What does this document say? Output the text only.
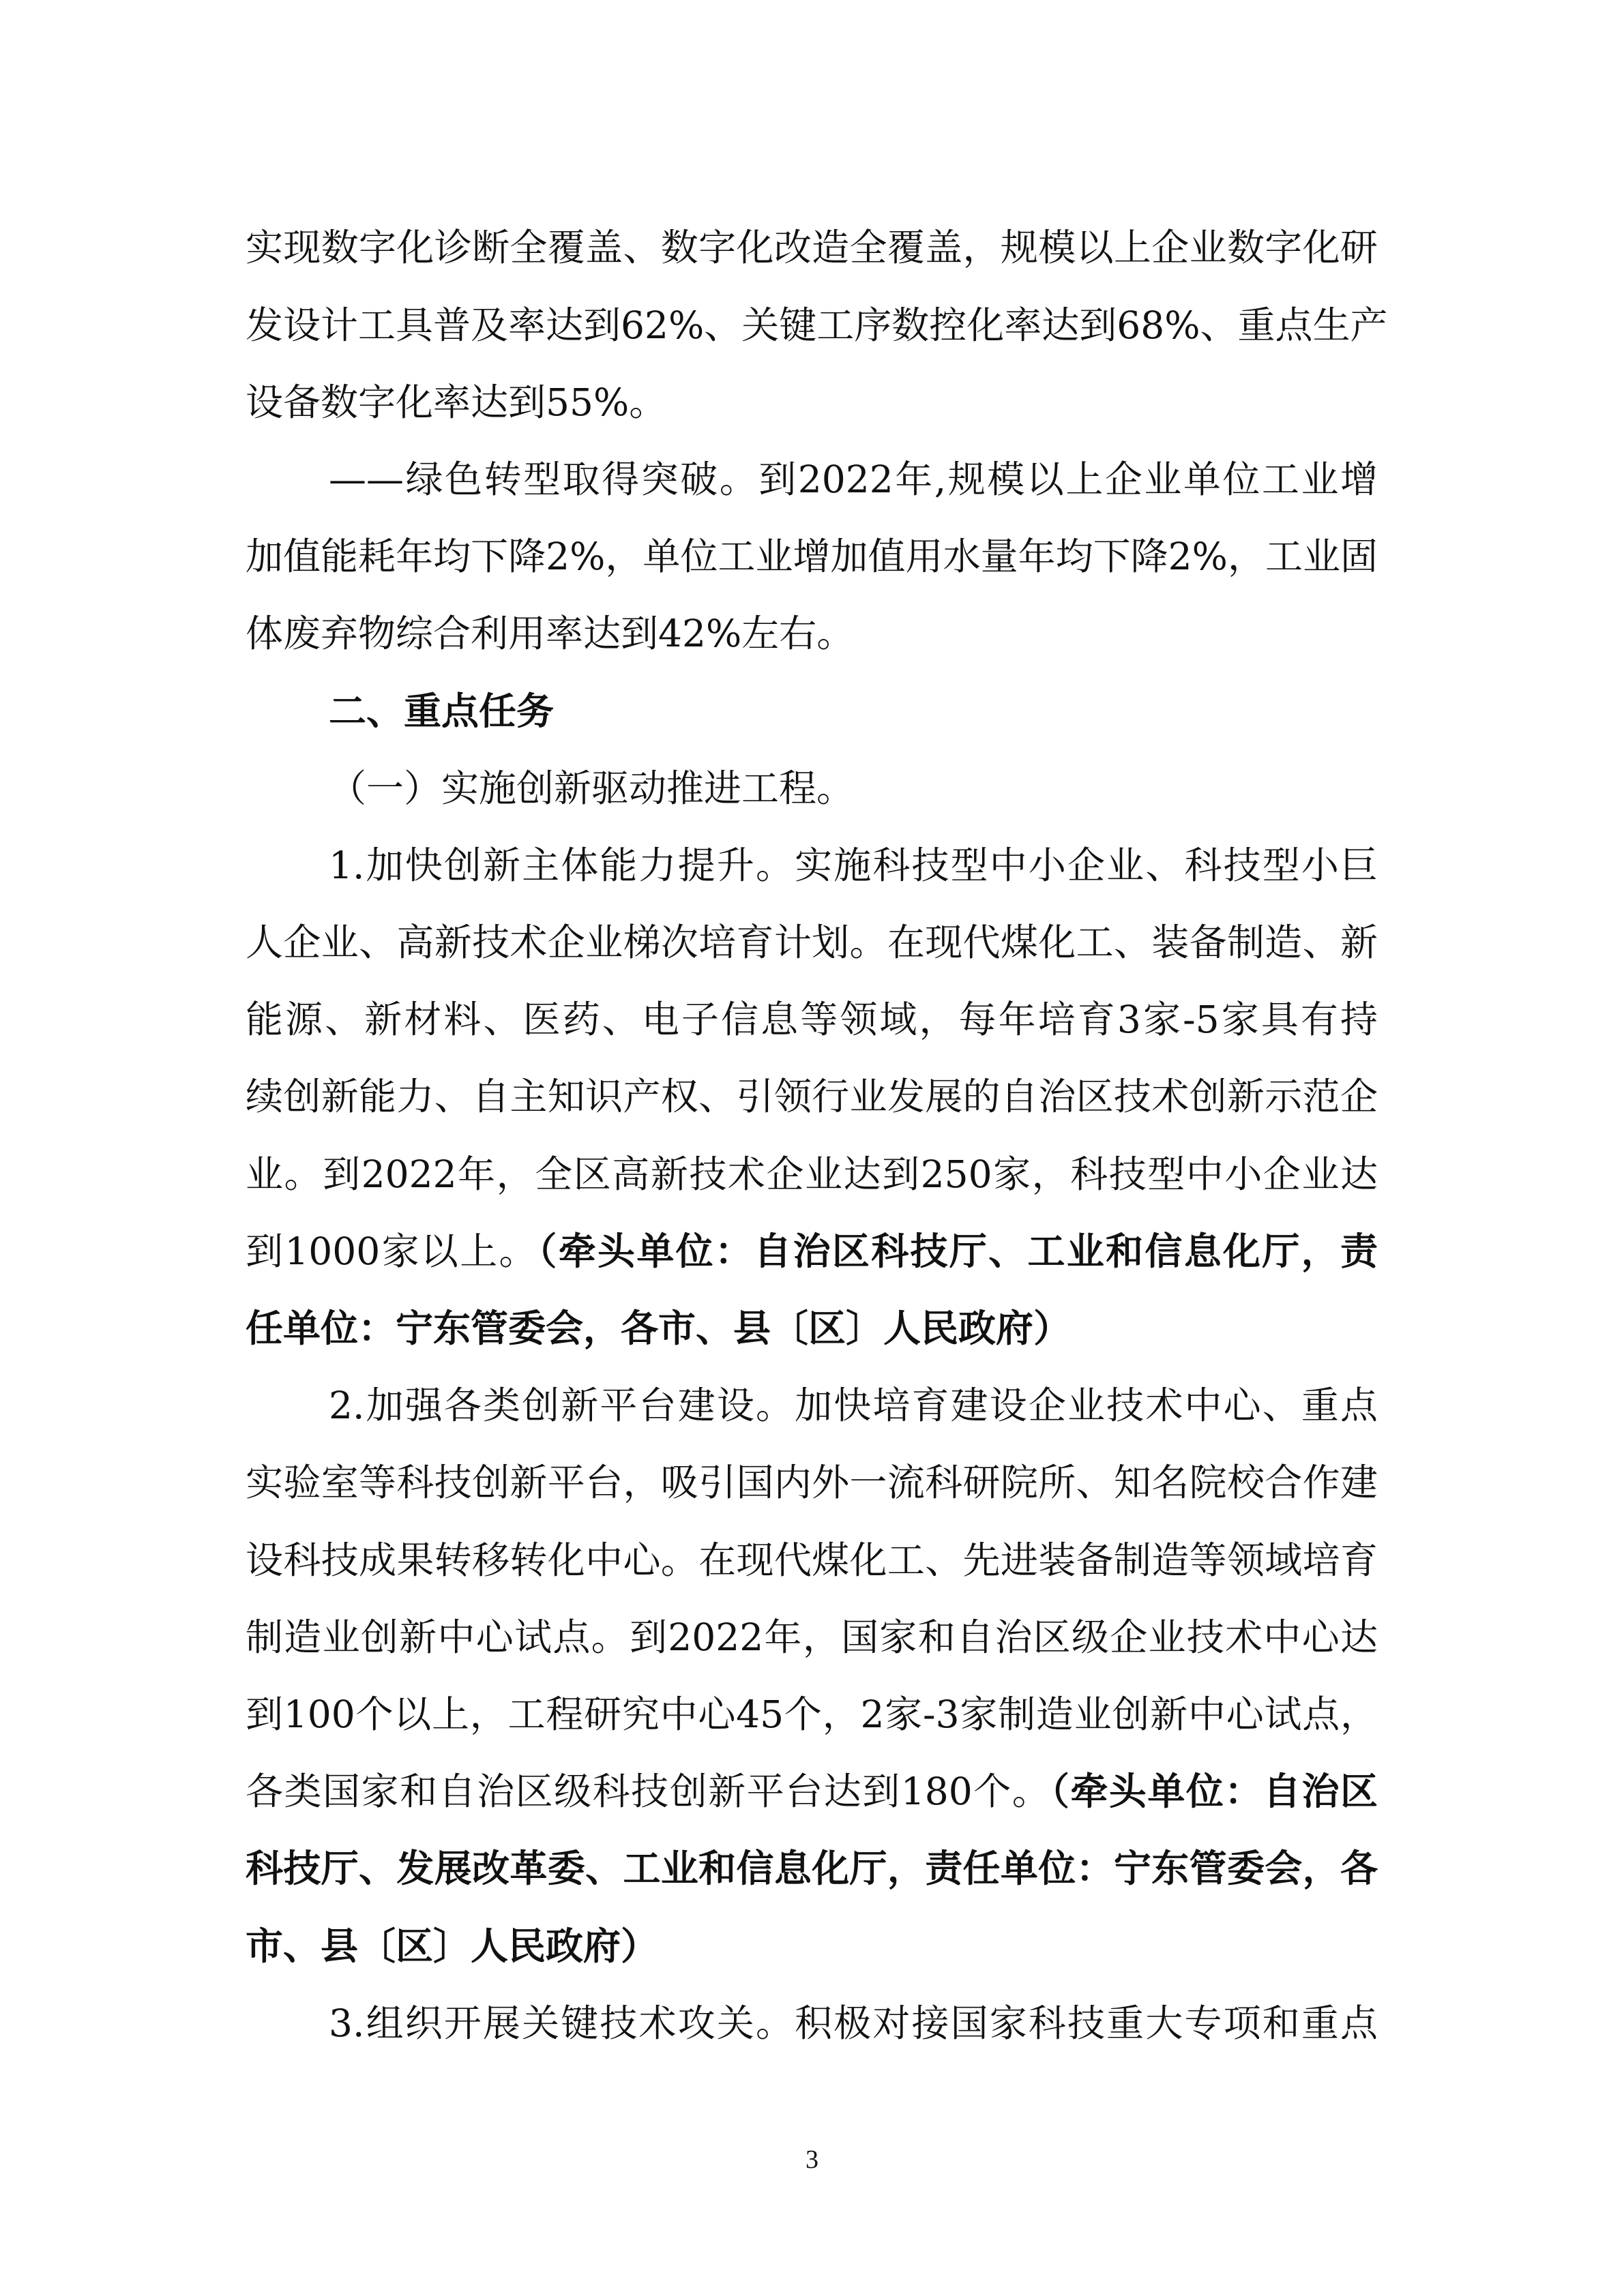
实现数字化诊断全覆盖、数字化改造全覆盖，规模以上企业数字化研
发设计工具普及率达到62%、关键工序数控化率达到68%、重点生产
设备数字化率达到55%。
——绿色转型取得突破。到2022年,规模以上企业单位工业增
加值能耗年均下降2%，单位工业增加值用水量年均下降2%，工业固
体废弃物综合利用率达到42%左右。
二、重点任务
（一）实施创新驱动推进工程。
1.加快创新主体能力提升。实施科技型中小企业、科技型小巨
人企业、高新技术企业梯次培育计划。在现代煤化工、装备制造、新
能源、新材料、医药、电子信息等领域，每年培育3家-5家具有持
续创新能力、自主知识产权、引领行业发展的自治区技术创新示范企
业。到2022年，全区高新技术企业达到250家，科技型中小企业达
到1000家以上。（牵头单位：自治区科技厅、工业和信息化厅，责
任单位：宁东管委会，各市、县〔区〕人民政府）
2.加强各类创新平台建设。加快培育建设企业技术中心、重点
实验室等科技创新平台，吸引国内外一流科研院所、知名院校合作建
设科技成果转移转化中心。在现代煤化工、先进装备制造等领域培育
制造业创新中心试点。到2022年，国家和自治区级企业技术中心达
到100个以上，工程研究中心45个，2家-3家制造业创新中心试点，
各类国家和自治区级科技创新平台达到180个。（牵头单位：自治区
科技厅、发展改革委、工业和信息化厅，责任单位：宁东管委会，各
市、县〔区〕人民政府）
3.组织开展关键技术攻关。积极对接国家科技重大专项和重点
3
